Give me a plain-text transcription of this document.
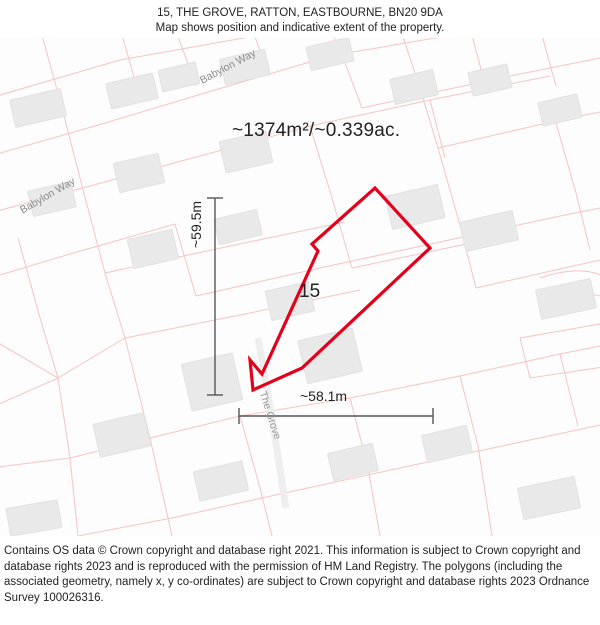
15, THE GROVE, RATTON, EASTBOURNE, BN20 9DA
Map shows position and indicative extent of the property.
~1374m²/~0.339ac.
15
~59.5m
~58.1m
Babylon Way
Babylon Way
The Grove
Contains OS data © Crown copyright and database right 2021. This information is subject to Crown copyright and database rights 2023 and is reproduced with the permission of HM Land Registry. The polygons (including the associated geometry, namely x, y co-ordinates) are subject to Crown copyright and database rights 2023 Ordnance Survey 100026316.
